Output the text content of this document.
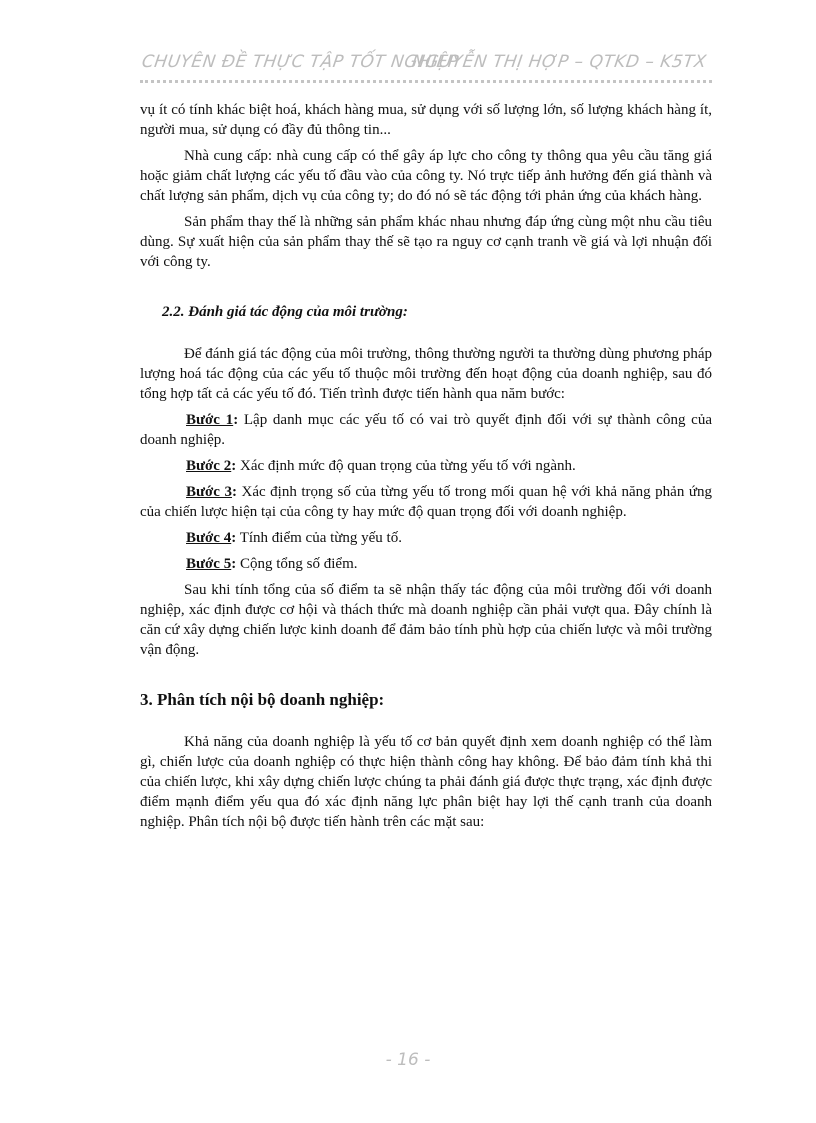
CHUYÊN ĐỀ THỰC TẬP TỐT NGHIỆP
NGUYỄN THỊ HỢP – QTKD – K5TX

vụ ít có tính khác biệt hoá, khách hàng mua, sử dụng với số lượng lớn, số lượng khách hàng ít, người mua, sử dụng có đầy đủ thông tin...

Nhà cung cấp: nhà cung cấp có thể gây áp lực cho công ty thông qua yêu cầu tăng giá hoặc giảm chất lượng các yếu tố đầu vào của công ty. Nó trực tiếp ảnh hưởng đến giá thành và chất lượng sản phẩm, dịch vụ của công ty; do đó nó sẽ tác động tới phản ứng của khách hàng.

Sản phẩm thay thế là những sản phẩm khác nhau nhưng đáp ứng cùng một nhu cầu tiêu dùng. Sự xuất hiện của sản phẩm thay thế sẽ tạo ra nguy cơ cạnh tranh về giá và lợi nhuận đối với công ty.

2.2. Đánh giá tác động của môi trường:

Để đánh giá tác động của môi trường, thông thường người ta thường dùng phương pháp lượng hoá tác động của các yếu tố thuộc môi trường đến hoạt động của doanh nghiệp, sau đó tổng hợp tất cả các yếu tố đó. Tiến trình được tiến hành qua năm bước:

Bước 1: Lập danh mục các yếu tố có vai trò quyết định đối với sự thành công của doanh nghiệp.

Bước 2: Xác định mức độ quan trọng của từng yếu tố với ngành.

Bước 3: Xác định trọng số của từng yếu tố trong mối quan hệ với khả năng phản ứng của chiến lược hiện tại của công ty hay mức độ quan trọng đối với doanh nghiệp.

Bước 4: Tính điểm của từng yếu tố.

Bước 5: Cộng tổng số điểm.

Sau khi tính tổng của số điểm ta sẽ nhận thấy tác động của môi trường đối với doanh nghiệp, xác định được cơ hội và thách thức mà doanh nghiệp cần phải vượt qua. Đây chính là căn cứ xây dựng chiến lược kinh doanh để đảm bảo tính phù hợp của chiến lược và môi trường vận động.

3. Phân tích nội bộ doanh nghiệp:

Khả năng của doanh nghiệp là yếu tố cơ bản quyết định xem doanh nghiệp có thể làm gì, chiến lược của doanh nghiệp có thực hiện thành công hay không. Để bảo đảm tính khả thi của chiến lược, khi xây dựng chiến lược chúng ta phải đánh giá được thực trạng, xác định được điểm mạnh điểm yếu qua đó xác định năng lực phân biệt hay lợi thế cạnh tranh của doanh nghiệp. Phân tích nội bộ được tiến hành trên các mặt sau:

- 16 -
